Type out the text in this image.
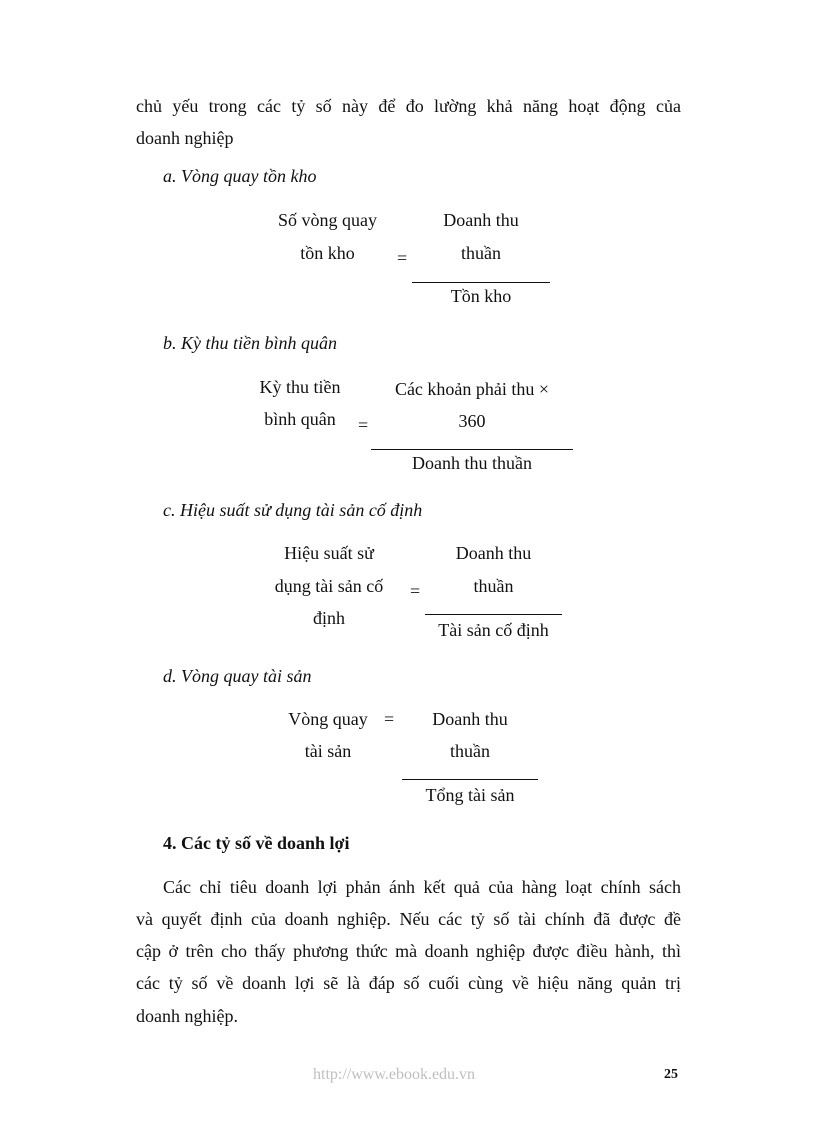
chủ yếu trong các tỷ số này để đo lường khả năng hoạt động của
doanh nghiệp
a. Vòng quay tồn kho
Số vòng quay
tồn kho	=
Doanh thu
thuần
Tồn kho
b. Kỳ thu tiền bình quân
Kỳ thu tiền
bình quân	=
Các khoản phải thu ×
360
Doanh thu thuần
c. Hiệu suất sử dụng tài sản cố định
Hiệu suất sử
dụng tài sản cố
định
=
Doanh thu
thuần
Tài sản cố định
d. Vòng quay tài sản
Vòng quay
tài sản
=	Doanh thu
thuần
Tổng tài sản
4. Các tỷ số về doanh lợi
Các chỉ tiêu doanh lợi phản ánh kết quả của hàng loạt chính sách
và quyết định của doanh nghiệp. Nếu các tỷ số tài chính đã được đề
cập ở trên cho thấy phương thức mà doanh nghiệp được điều hành, thì
các tỷ số về doanh lợi sẽ là đáp số cuối cùng về hiệu năng quản trị
doanh nghiệp.
http://www.ebook.edu.vn	25
